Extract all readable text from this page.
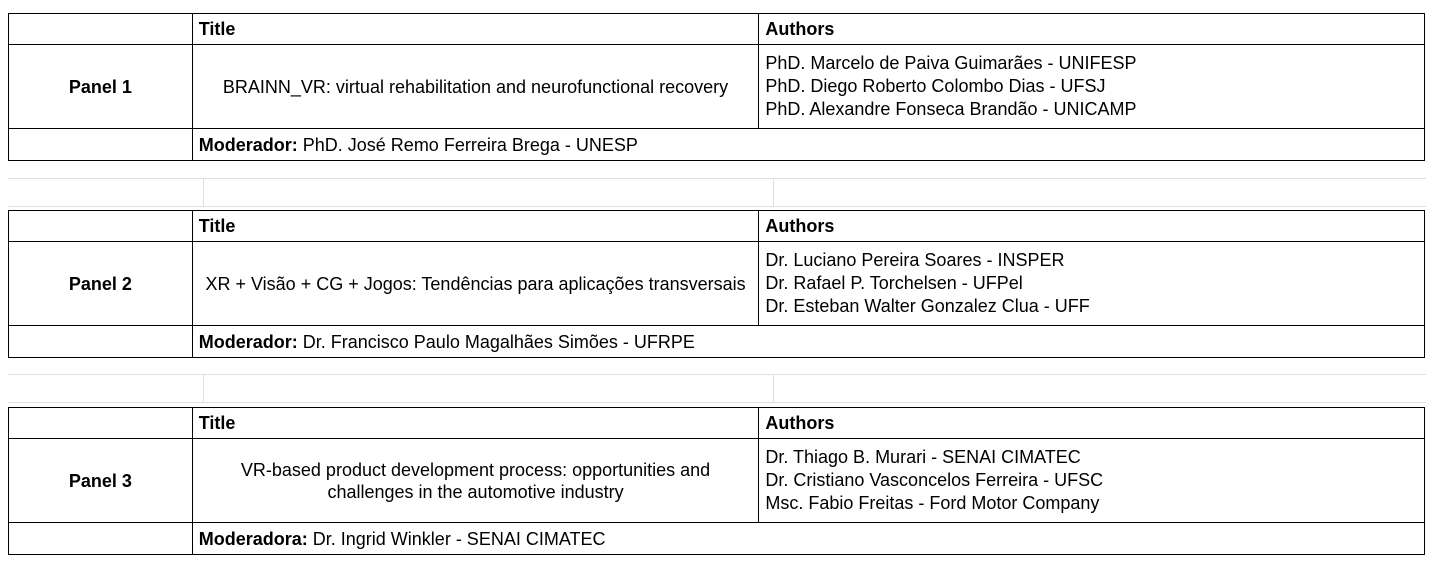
	Title	Authors
Panel 1	BRAINN_VR: virtual rehabilitation and neurofunctional recovery	PhD. Marcelo de Paiva Guimarães - UNIFESP
PhD. Diego Roberto Colombo Dias - UFSJ
PhD. Alexandre Fonseca Brandão - UNICAMP

	Moderador: PhD. José Remo Ferreira Brega - UNESP	
	Title	Authors
Panel 2	XR + Visão + CG + Jogos: Tendências para aplicações transversais	Dr. Luciano Pereira Soares - INSPER
Dr. Rafael P. Torchelsen - UFPel
Dr. Esteban Walter Gonzalez Clua - UFF

	Moderador: Dr. Francisco Paulo Magalhães Simões - UFRPE	
	Title	Authors
Panel 3	VR-based product development process: opportunities and challenges in the automotive industry	Dr. Thiago B. Murari - SENAI CIMATEC
Dr. Cristiano Vasconcelos Ferreira - UFSC
Msc. Fabio Freitas - Ford Motor Company

	Moderadora: Dr. Ingrid Winkler - SENAI CIMATEC	
